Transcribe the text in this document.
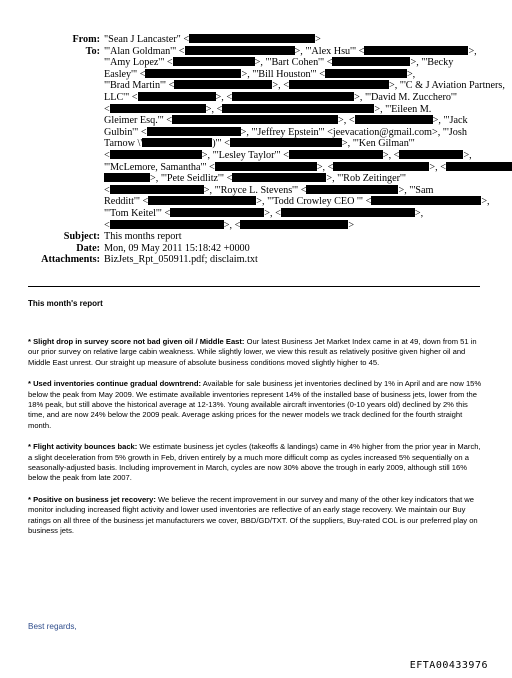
From: "Sean J Lancaster" <	>
To: "'Alan Goldman'" <	>, "'Alex Hsu'" <	>,
"'Amy Lopez'" <	>, "'Bart Cohen'" <	>, "'Becky
Easley'" <	>, "'Bill Houston'" <	>,
"'Brad Martin'" <	>, <	>, "'C & J Aviation Partners,
LLC'" <	>, <	>, "'David M. Zucchero'"
<	>, <	>, "'Eileen M.
Gleimer Esq.'" <	>, <	>, "'Jack
Gulbin'" <	>, "'Jeffrey Epstein'" <jeevacation@gmail.com>, "'Josh
Tarnow \'	)'" <	>, "'Ken Gilman'"
<	>, "'Lesley Taylor'" <	>, <	>,
"'McLemore, Samantha'" <	>, <	>, <
>, "'Pete Seidlitz'" <	>, "'Rob Zeitinger'"
<	>, "'Royce L. Stevens'" <	>, "'Sam
Redditt'" <	>, "'Todd Crowley CEO '" <	>,
"'Tom Keitel'" <	>, <	>,
<	>, <	>
Subject: This months report
Date: Mon, 09 May 2011 15:18:42 +0000
Attachments: BizJets_Rpt_050911.pdf; disclaim.txt
This month's report
* Slight drop in survey score not bad given oil / Middle East: Our latest Business Jet Market Index came in at 49, down from 51 in our prior survey on relative large cabin weakness. While slightly lower, we view this result as relatively positive given higher oil and Middle East unrest. Our straight up measure of absolute business conditions moved slightly higher to 45.
* Used inventories continue gradual downtrend: Available for sale business jet inventories declined by 1% in April and are now 15% below the peak from May 2009. We estimate available inventories represent 14% of the installed base of business jets, lower from the 18% peak, but still above the historical average at 12-13%. Young available aircraft inventories (0-10 years old) declined by 2% this time, and are now 24% below the 2009 peak. Average asking prices for the newer models we track declined for the fourth straight month.
* Flight activity bounces back: We estimate business jet cycles (takeoffs & landings) came in 4% higher from the prior year in March, a slight deceleration from 5% growth in Feb, driven entirely by a much more difficult comp as cycles increased 5% sequentially on a seasonally-adjusted basis. Including improvement in March, cycles are now 30% above the trough in early 2009, although still 16% below the peak from late 2007.
* Positive on business jet recovery: We believe the recent improvement in our survey and many of the other key indicators that we monitor including increased flight activity and lower used inventories are reflective of an early stage recovery. We maintain our Buy ratings on all three of the business jet manufacturers we cover, BBD/GD/TXT. Of the suppliers, Buy-rated COL is our preferred play on business jets.
Best regards,
EFTA00433976
